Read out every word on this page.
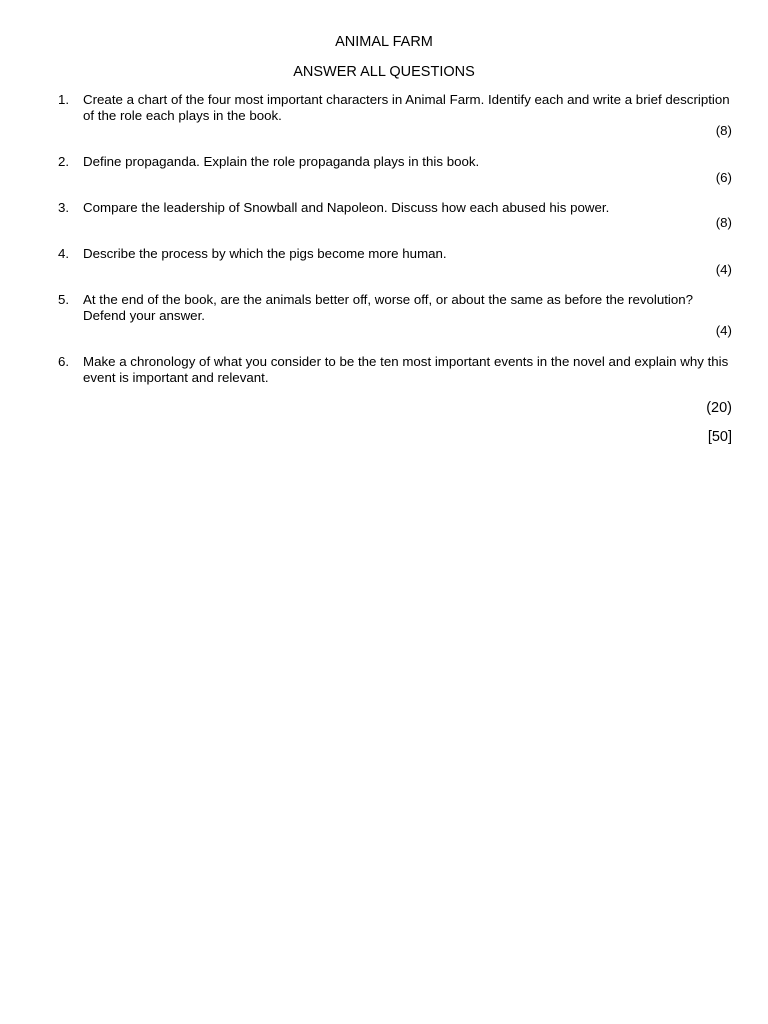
ANIMAL FARM
ANSWER ALL QUESTIONS
1.	Create a chart of the four most important characters in Animal Farm. Identify each and write a brief description of the role each plays in the book.
(8)
2.	Define propaganda. Explain the role propaganda plays in this book.
(6)
3.	Compare the leadership of Snowball and Napoleon. Discuss how each abused his power.
(8)
4.	Describe the process by which the pigs become more human.
(4)
5.	At the end of the book, are the animals better off, worse off, or about the same as before the revolution? Defend your answer.
(4)
6.	Make a chronology of what you consider to be the ten most important events in the novel and explain why this event is important and relevant.
(20)
[50]
